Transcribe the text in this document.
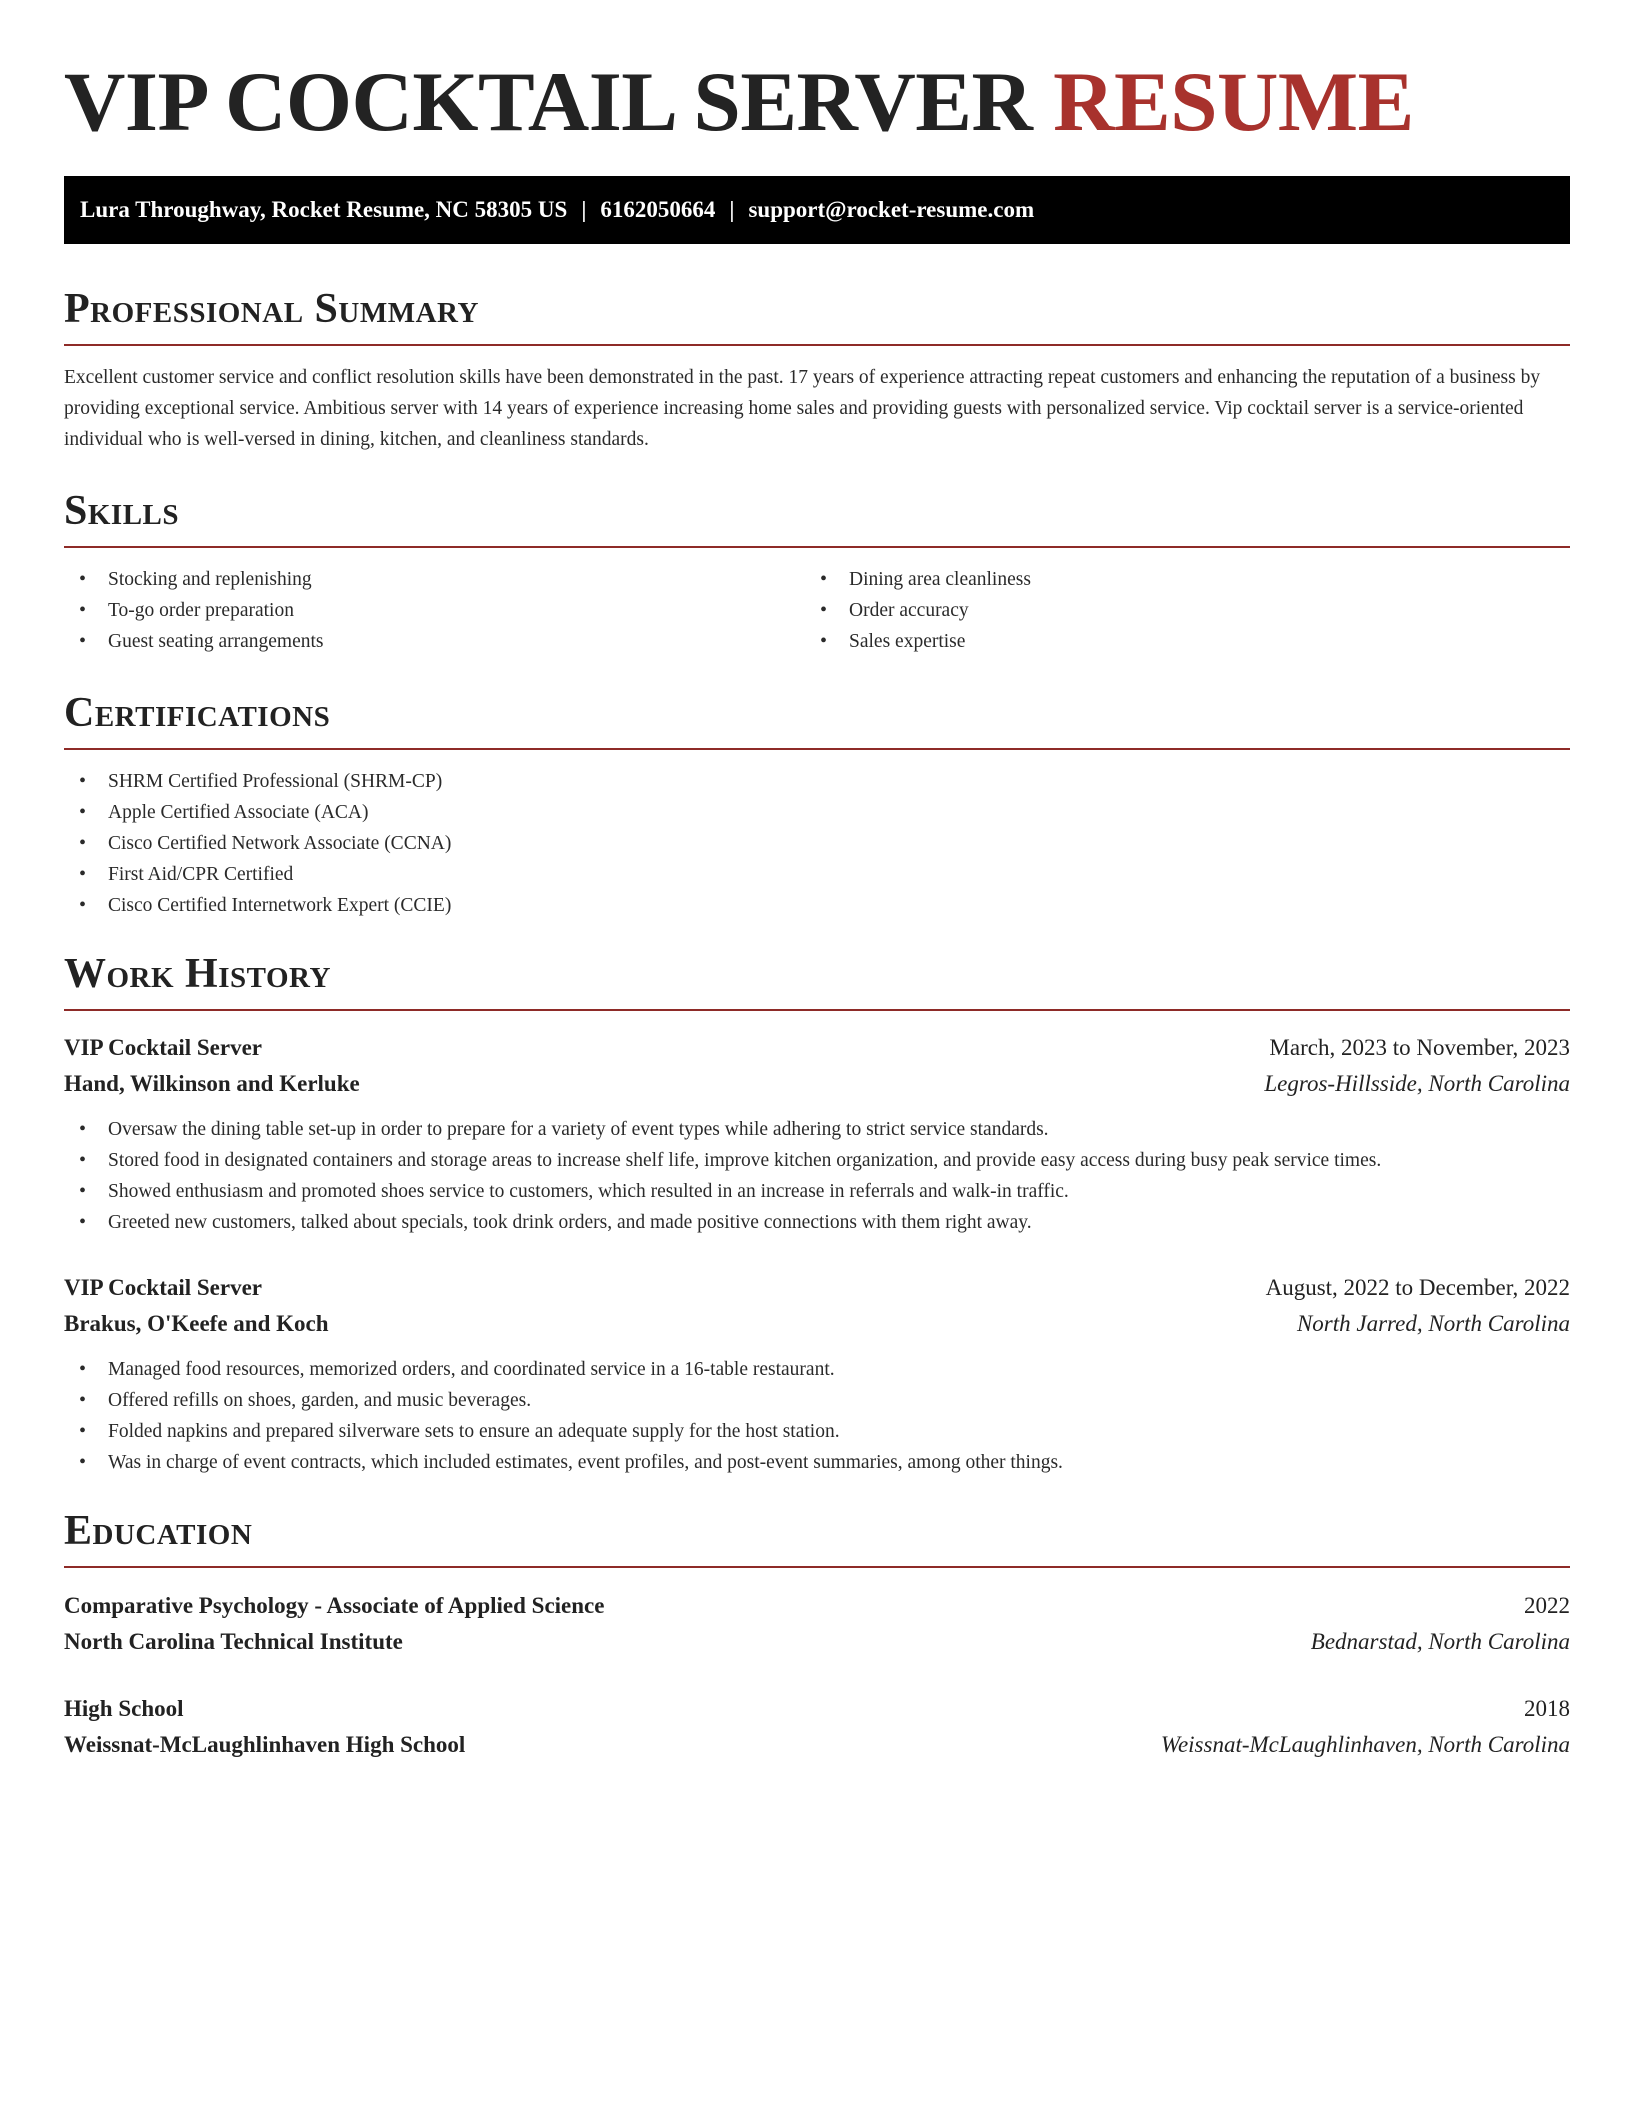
VIP COCKTAIL SERVER RESUME
Lura Throughway, Rocket Resume, NC 58305 US | 6162050664 | support@rocket-resume.com
Professional Summary

Excellent customer service and conflict resolution skills have been demonstrated in the past. 17 years of experience attracting repeat customers and enhancing the reputation of a business by providing exceptional service. Ambitious server with 14 years of experience increasing home sales and providing guests with personalized service. Vip cocktail server is a service-oriented individual who is well-versed in dining, kitchen, and cleanliness standards.

Skills
• Stocking and replenishing
• To-go order preparation
• Guest seating arrangements
• Dining area cleanliness
• Order accuracy
• Sales expertise
Certifications
• SHRM Certified Professional (SHRM-CP)
• Apple Certified Associate (ACA)
• Cisco Certified Network Associate (CCNA)
• First Aid/CPR Certified
• Cisco Certified Internetwork Expert (CCIE)
Work History
VIP Cocktail Server	March, 2023 to November, 2023
Hand, Wilkinson and Kerluke	Legros-Hillsside, North Carolina
• Oversaw the dining table set-up in order to prepare for a variety of event types while adhering to strict service standards.
• Stored food in designated containers and storage areas to increase shelf life, improve kitchen organization, and provide easy access during busy peak service times.
• Showed enthusiasm and promoted shoes service to customers, which resulted in an increase in referrals and walk-in traffic.
• Greeted new customers, talked about specials, took drink orders, and made positive connections with them right away.
VIP Cocktail Server	August, 2022 to December, 2022
Brakus, O'Keefe and Koch	North Jarred, North Carolina
• Managed food resources, memorized orders, and coordinated service in a 16-table restaurant.
• Offered refills on shoes, garden, and music beverages.
• Folded napkins and prepared silverware sets to ensure an adequate supply for the host station.
• Was in charge of event contracts, which included estimates, event profiles, and post-event summaries, among other things.
Education
Comparative Psychology - Associate of Applied Science	2022
North Carolina Technical Institute	Bednarstad, North Carolina
High School	2018
Weissnat-McLaughlinhaven High School	Weissnat-McLaughlinhaven, North Carolina
